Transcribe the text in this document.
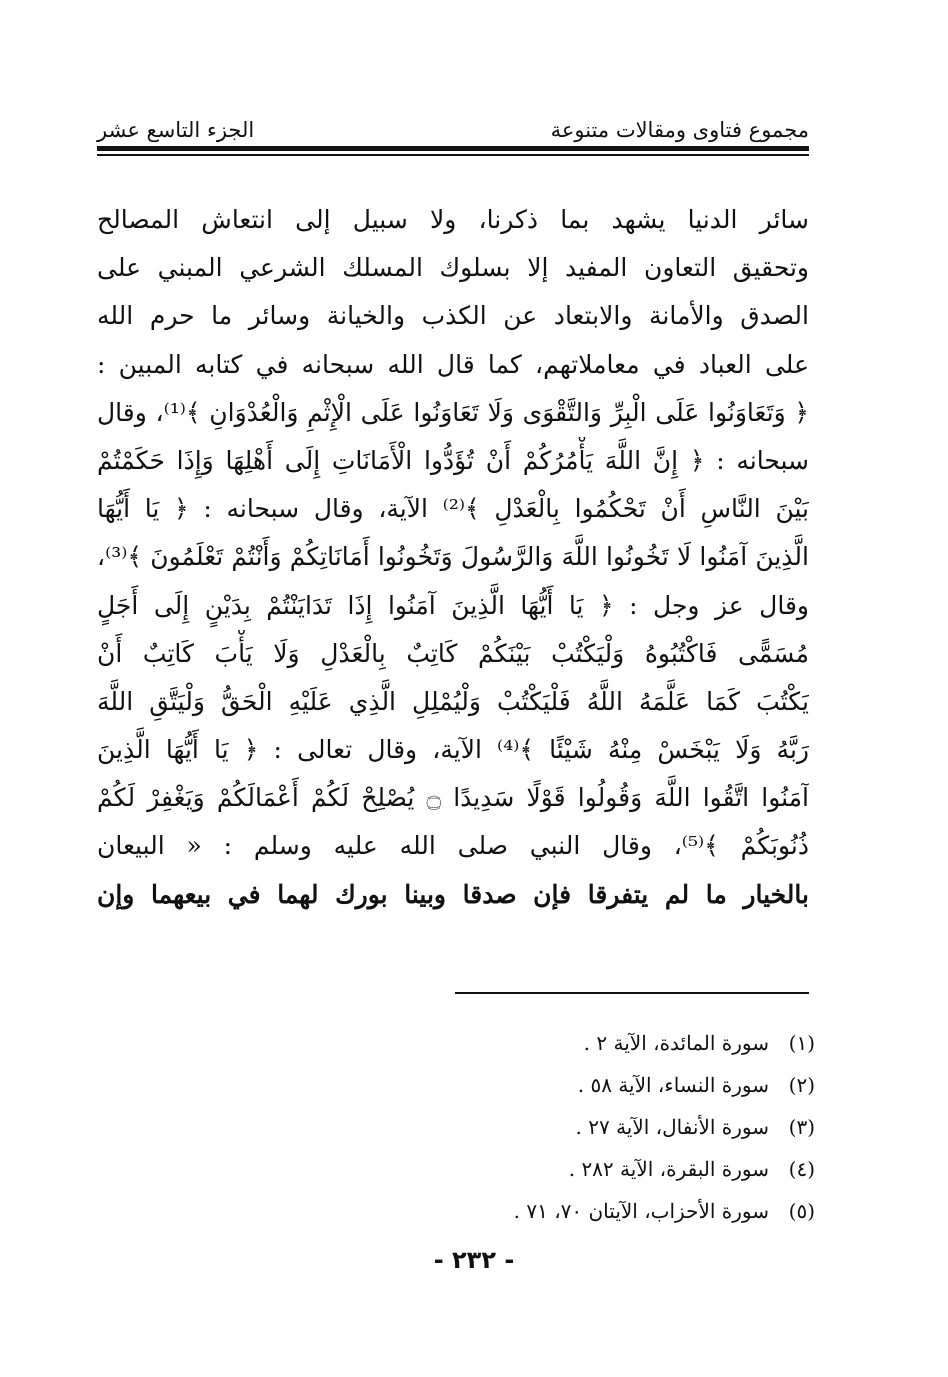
مجموع فتاوى ومقالات متنوعة
الجزء التاسع عشر
سائر الدنيا يشهد بما ذكرنا، ولا سبيل إلى انتعاش المصالح
وتحقيق التعاون المفيد إلا بسلوك المسلك الشرعي المبني على
الصدق والأمانة والابتعاد عن الكذب والخيانة وسائر ما حرم الله
على العباد في معاملاتهم، كما قال الله سبحانه في كتابه المبين :
﴿ وَتَعَاوَنُوا عَلَى الْبِرِّ وَالتَّقْوَى وَلَا تَعَاوَنُوا عَلَى الْإِثْمِ وَالْعُدْوَانِ ﴾⁽¹⁾، وقال
سبحانه : ﴿ إِنَّ اللَّهَ يَأْمُرُكُمْ أَنْ تُؤَدُّوا الْأَمَانَاتِ إِلَى أَهْلِهَا وَإِذَا حَكَمْتُمْ
بَيْنَ النَّاسِ أَنْ تَحْكُمُوا بِالْعَدْلِ ﴾⁽²⁾ الآية، وقال سبحانه : ﴿ يَا أَيُّهَا
الَّذِينَ آمَنُوا لَا تَخُونُوا اللَّهَ وَالرَّسُولَ وَتَخُونُوا أَمَانَاتِكُمْ وَأَنْتُمْ تَعْلَمُونَ ﴾⁽³⁾،
وقال عز وجل : ﴿ يَا أَيُّهَا الَّذِينَ آمَنُوا إِذَا تَدَايَنْتُمْ بِدَيْنٍ إِلَى أَجَلٍ
مُسَمًّى فَاكْتُبُوهُ وَلْيَكْتُبْ بَيْنَكُمْ كَاتِبٌ بِالْعَدْلِ وَلَا يَأْبَ كَاتِبٌ أَنْ
يَكْتُبَ كَمَا عَلَّمَهُ اللَّهُ فَلْيَكْتُبْ وَلْيُمْلِلِ الَّذِي عَلَيْهِ الْحَقُّ وَلْيَتَّقِ اللَّهَ
رَبَّهُ وَلَا يَبْخَسْ مِنْهُ شَيْئًا ﴾⁽⁴⁾ الآية، وقال تعالى : ﴿ يَا أَيُّهَا الَّذِينَ
آمَنُوا اتَّقُوا اللَّهَ وَقُولُوا قَوْلًا سَدِيدًا ۝ يُصْلِحْ لَكُمْ أَعْمَالَكُمْ وَيَغْفِرْ لَكُمْ
ذُنُوبَكُمْ ﴾⁽⁵⁾، وقال النبي صلى الله عليه وسلم : « البيعان
بالخيار ما لم يتفرقا فإن صدقا وبينا بورك لهما في بيعهما وإن
(١)
سورة المائدة، الآية ٢ .
(٢)
سورة النساء، الآية ٥٨ .
(٣)
سورة الأنفال، الآية ٢٧ .
(٤)
سورة البقرة، الآية ٢٨٢ .
(٥)
سورة الأحزاب، الآيتان ٧٠، ٧١ .
- ٢٣٢ -
